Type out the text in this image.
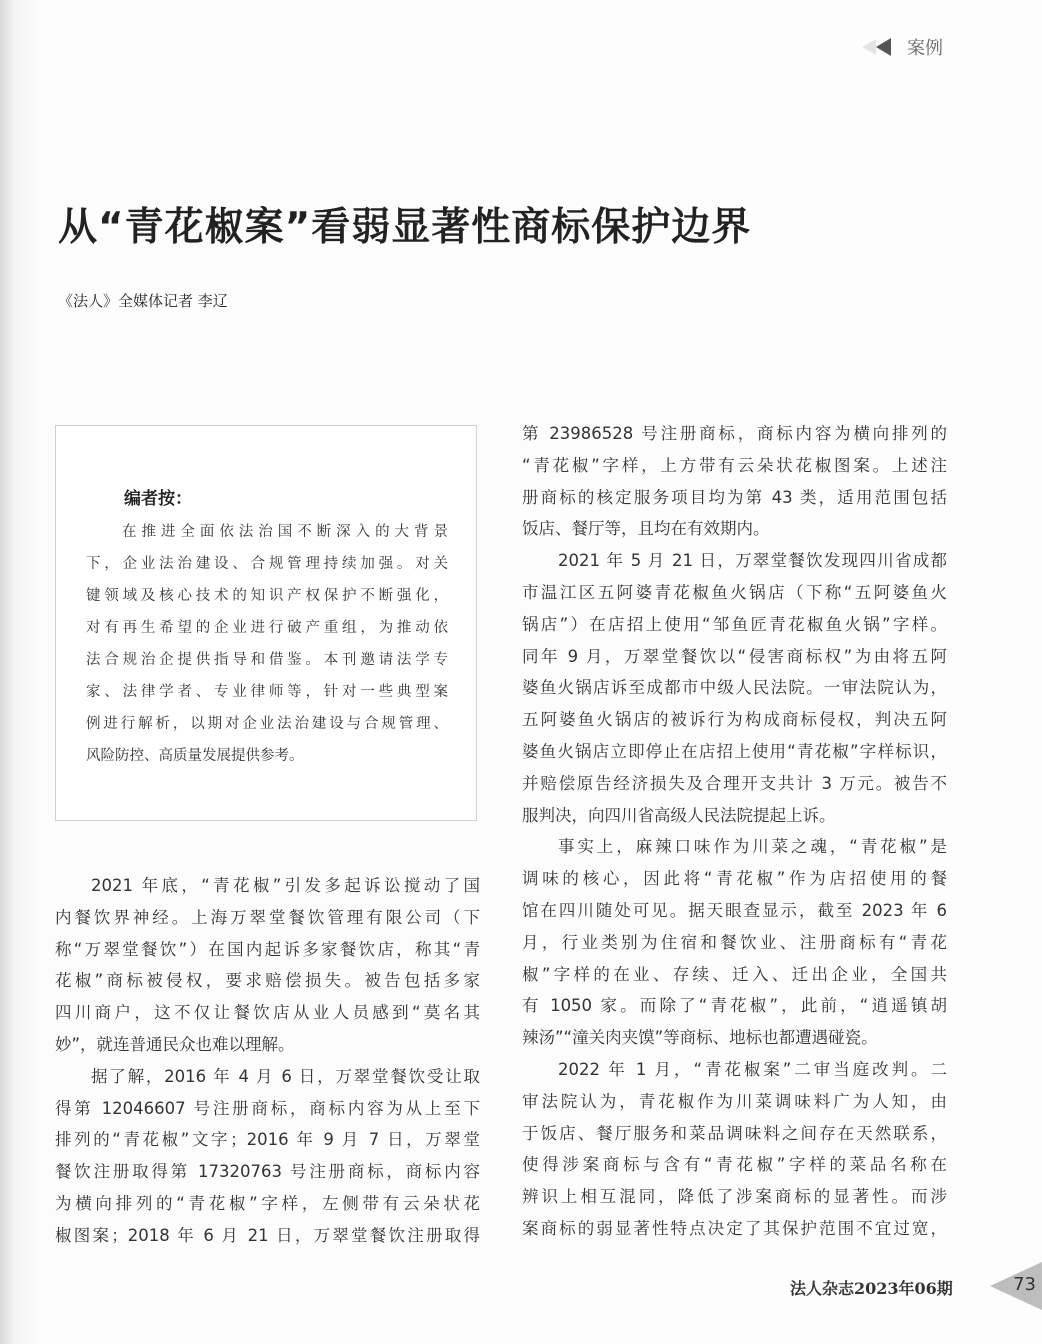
案例
从“青花椒案”看弱显著性商标保护边界
《法人》全媒体记者 李辽
编者按：
在推进全面依法治国不断深入的大背景
下，企业法治建设、合规管理持续加强。对关
键领域及核心技术的知识产权保护不断强化，
对有再生希望的企业进行破产重组，为推动依
法合规治企提供指导和借鉴。本刊邀请法学专
家、法律学者、专业律师等，针对一些典型案
例进行解析，以期对企业法治建设与合规管理、
风险防控、高质量发展提供参考。
2021 年底，“青花椒”引发多起诉讼搅动了国
内餐饮界神经。上海万翠堂餐饮管理有限公司（下
称“万翠堂餐饮”）在国内起诉多家餐饮店，称其“青
花椒”商标被侵权，要求赔偿损失。被告包括多家
四川商户，这不仅让餐饮店从业人员感到“莫名其
妙”，就连普通民众也难以理解。
据了解，2016 年 4 月 6 日，万翠堂餐饮受让取
得第 12046607 号注册商标，商标内容为从上至下
排列的“青花椒”文字；2016 年 9 月 7 日，万翠堂
餐饮注册取得第 17320763 号注册商标，商标内容
为横向排列的“青花椒”字样，左侧带有云朵状花
椒图案；2018 年 6 月 21 日，万翠堂餐饮注册取得
第 23986528 号注册商标，商标内容为横向排列的
“青花椒”字样，上方带有云朵状花椒图案。上述注
册商标的核定服务项目均为第 43 类，适用范围包括
饭店、餐厅等，且均在有效期内。
2021 年 5 月 21 日，万翠堂餐饮发现四川省成都
市温江区五阿婆青花椒鱼火锅店（下称“五阿婆鱼火
锅店”）在店招上使用“邹鱼匠青花椒鱼火锅”字样。
同年 9 月，万翠堂餐饮以“侵害商标权”为由将五阿
婆鱼火锅店诉至成都市中级人民法院。一审法院认为，
五阿婆鱼火锅店的被诉行为构成商标侵权，判决五阿
婆鱼火锅店立即停止在店招上使用“青花椒”字样标识，
并赔偿原告经济损失及合理开支共计 3 万元。被告不
服判决，向四川省高级人民法院提起上诉。
事实上，麻辣口味作为川菜之魂，“青花椒”是
调味的核心，因此将“青花椒”作为店招使用的餐
馆在四川随处可见。据天眼查显示，截至 2023 年 6
月，行业类别为住宿和餐饮业、注册商标有“青花
椒”字样的在业、存续、迁入、迁出企业，全国共
有 1050 家。而除了“青花椒”，此前，“逍遥镇胡
辣汤”“潼关肉夹馍”等商标、地标也都遭遇碰瓷。
2022 年 1 月，“青花椒案”二审当庭改判。二
审法院认为，青花椒作为川菜调味料广为人知，由
于饭店、餐厅服务和菜品调味料之间存在天然联系，
使得涉案商标与含有“青花椒”字样的菜品名称在
辨识上相互混同，降低了涉案商标的显著性。而涉
案商标的弱显著性特点决定了其保护范围不宜过宽，
法人杂志2023年06期	73
